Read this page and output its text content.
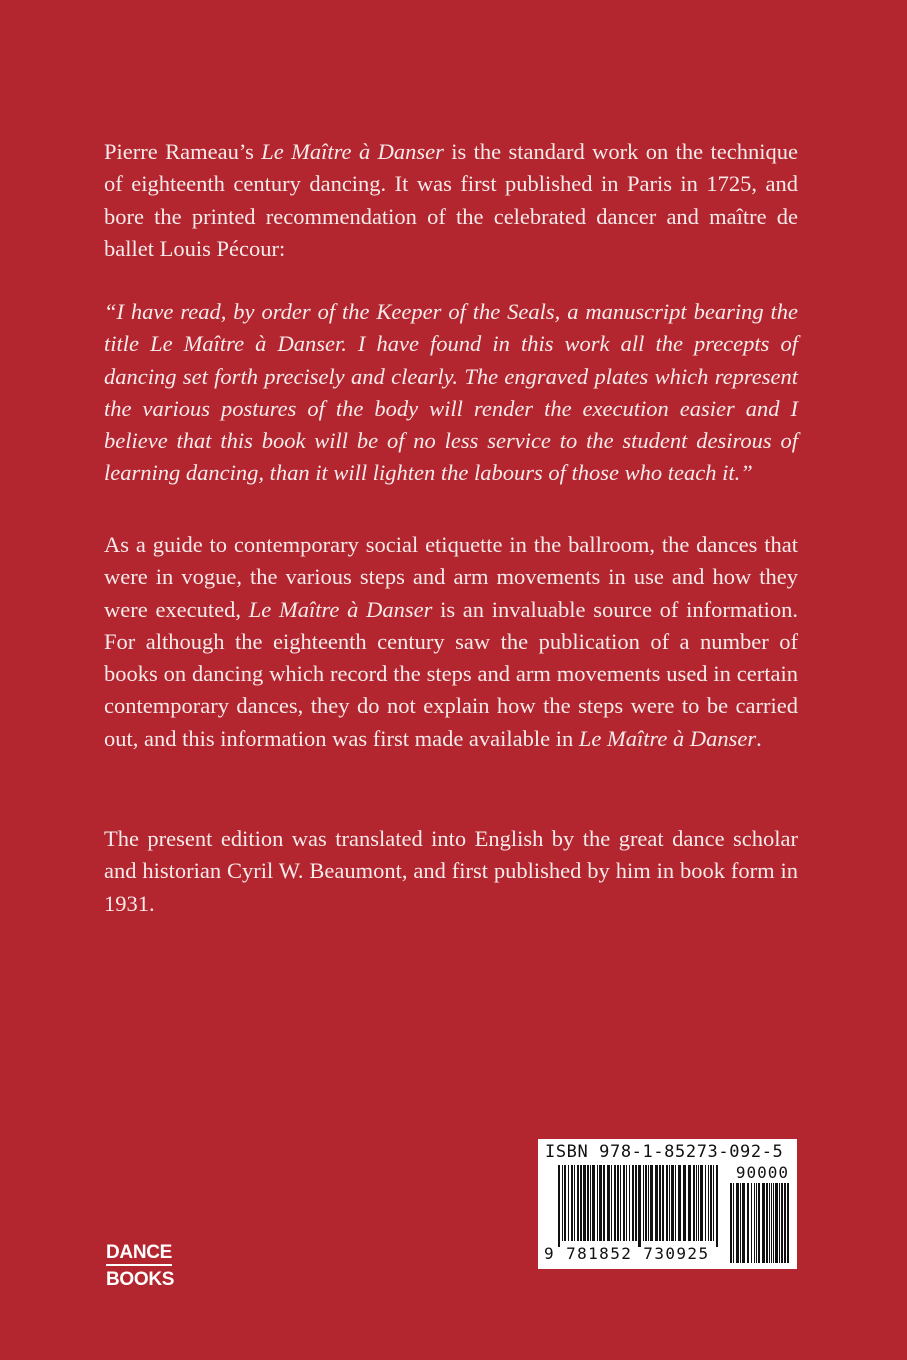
Pierre Rameau’s Le Maître à Danser is the standard work on the technique of eighteenth century dancing. It was first published in Paris in 1725, and bore the printed recommendation of the celebrated dancer and maître de ballet Louis Pécour:

“I have read, by order of the Keeper of the Seals, a manuscript bearing the title Le Maître à Danser. I have found in this work all the precepts of dancing set forth precisely and clearly. The engraved plates which represent the various postures of the body will render the execution easier and I believe that this book will be of no less service to the student desirous of learning dancing, than it will lighten the labours of those who teach it.”

As a guide to contemporary social etiquette in the ballroom, the dances that were in vogue, the various steps and arm movements in use and how they were executed, Le Maître à Danser is an invaluable source of information. For although the eighteenth century saw the publication of a number of books on dancing which record the steps and arm movements used in certain contemporary dances, they do not explain how the steps were to be carried out, and this information was first made available in Le Maître à Danser.

The present edition was translated into English by the great dance scholar and historian Cyril W. Beaumont, and first published by him in book form in 1931.

ISBN 978-1-85273-092-5
90000
9 781852 730925
DANCE
BOOKS
